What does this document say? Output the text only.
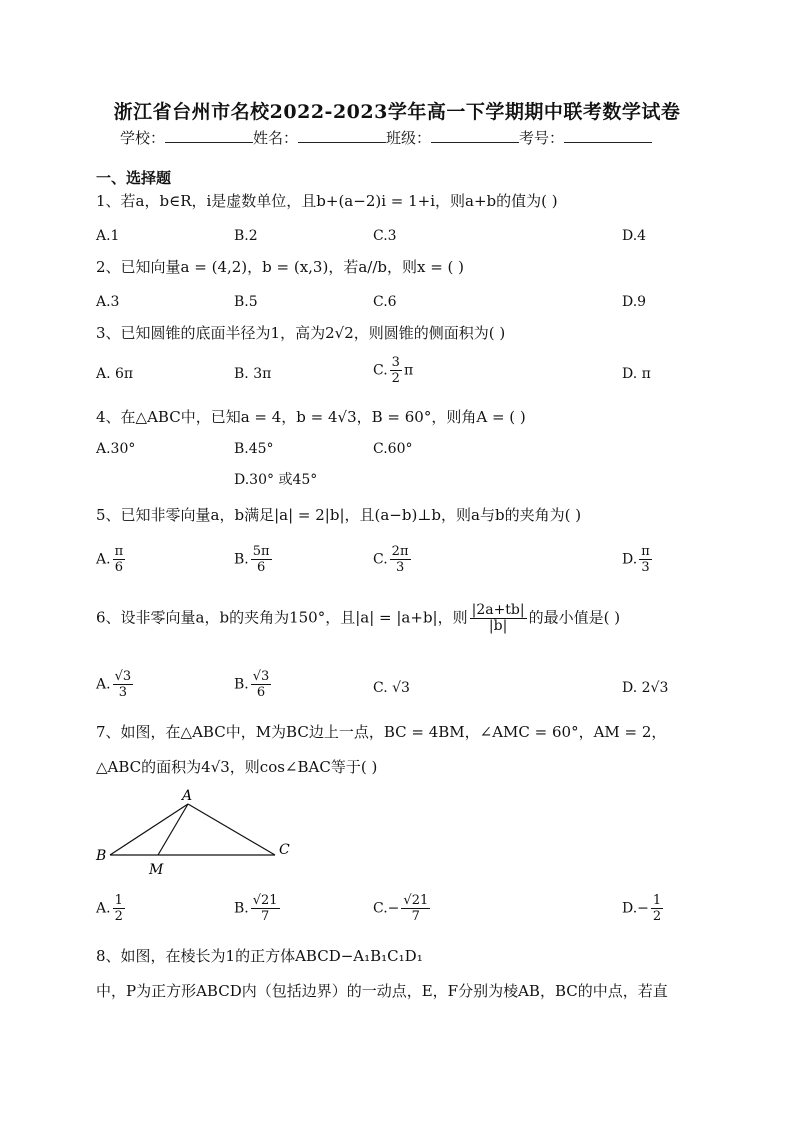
浙江省台州市名校2022-2023学年高一下学期期中联考数学试卷
学校：	姓名：	班级：	考号：
一、选择题
1、若a，b∈R，i是虚数单位，且b+(a−2)i = 1+i，则a+b的值为( )
A.1	B.2	C.3	D.4
2、已知向量a = (4,2)，b = (x,3)，若a//b，则x = ( )
A.3	B.5	C.6	D.9
3、已知圆锥的底面半径为1，高为2√2，则圆锥的侧面积为( )
A. 6π	B. 3π	C. $\frac{3}{2}$ π	D. π
4、在△ABC中，已知a = 4，b = 4√3，B = 60°，则角A = ( )
A.30°	B.45°	C.60°
D.30° 或45°
5、已知非零向量a，b满足|a| = 2|b|，且(a−b)⊥b，则a与b的夹角为( )
A. $\frac{\pi}{6}$	B. $\frac{5\pi}{6}$	C. $\frac{2\pi}{3}$	D. $\frac{\pi}{3}$
6、设非零向量a，b的夹角为150°，且|a| = |a+b|，则 $\frac{|2a+tb|}{|b|}$ 的最小值是( )
A. $\frac{√3}{3}$	B. $\frac{√3}{6}$	C. √3	D. 2√3
7、如图，在△ABC中，M为BC边上一点，BC = 4BM，∠AMC = 60°，AM = 2，
△ABC的面积为4√3，则cos∠BAC等于( )
A
B
M
C
A. $\frac{1}{2}$	B. $\frac{√21}{7}$	$C.- \frac{√21}{7}$	$D.- \frac{1}{2}$
8、如图，在棱长为1的正方体ABCD−A₁B₁C₁D₁
中，P为正方形ABCD内（包括边界）的一动点，E，F分别为棱AB，BC的中点，若直
